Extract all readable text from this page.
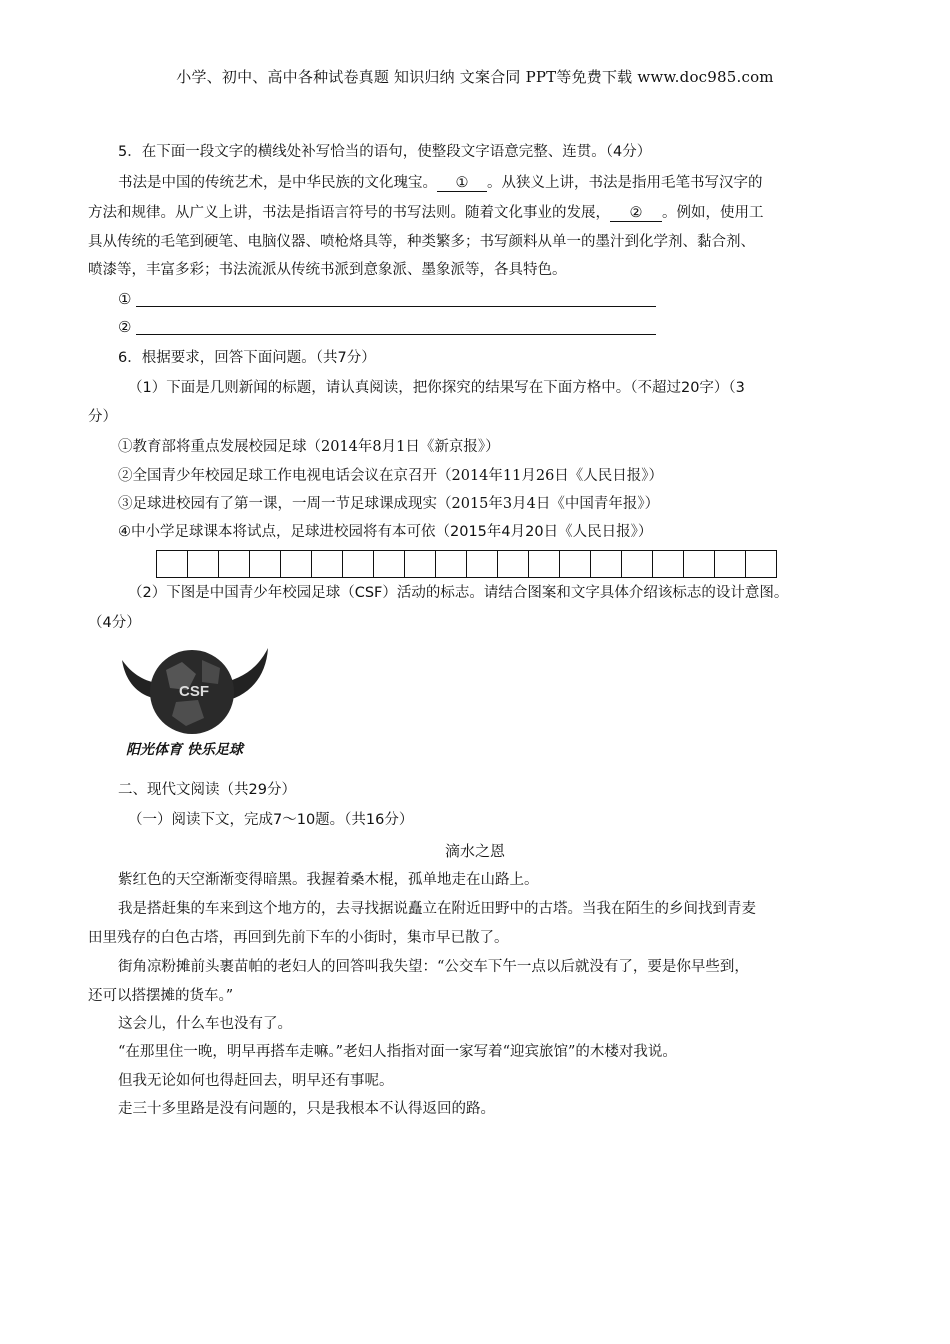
小学、初中、高中各种试卷真题 知识归纳 文案合同 PPT等免费下载 www.doc985.com
5．在下面一段文字的横线处补写恰当的语句，使整段文字语意完整、连贯。（4分）
书法是中国的传统艺术，是中华民族的文化瑰宝。 ① 。从狭义上讲，书法是指用毛笔书写汉字的
方法和规律。从广义上讲，书法是指语言符号的书写法则。随着文化事业的发展， ② 。例如，使用工
具从传统的毛笔到硬笔、电脑仪器、喷枪烙具等，种类繁多；书写颜料从单一的墨汁到化学剂、黏合剂、
喷漆等，丰富多彩；书法流派从传统书派到意象派、墨象派等，各具特色。
①
②
6．根据要求，回答下面问题。（共7分）
（1）下面是几则新闻的标题，请认真阅读，把你探究的结果写在下面方格中。（不超过20字）（3
分）
①教育部将重点发展校园足球（2014年8月1日《新京报》）
②全国青少年校园足球工作电视电话会议在京召开（2014年11月26日《人民日报》）
③足球进校园有了第一课，一周一节足球课成现实（2015年3月4日《中国青年报》）
④中小学足球课本将试点，足球进校园将有本可依（2015年4月20日《人民日报》）
（2）下图是中国青少年校园足球（CSF）活动的标志。请结合图案和文字具体介绍该标志的设计意图。
（4分）
CSF
阳光体育 快乐足球
二、现代文阅读（共29分）
（一）阅读下文，完成7～10题。（共16分）
滴水之恩
紫红色的天空渐渐变得暗黑。我握着桑木棍，孤单地走在山路上。
我是搭赶集的车来到这个地方的，去寻找据说矗立在附近田野中的古塔。当我在陌生的乡间找到青麦
田里残存的白色古塔，再回到先前下车的小街时，集市早已散了。
街角凉粉摊前头裹苗帕的老妇人的回答叫我失望：“公交车下午一点以后就没有了，要是你早些到，
还可以搭摆摊的货车。”
这会儿，什么车也没有了。
“在那里住一晚，明早再搭车走嘛。”老妇人指指对面一家写着“迎宾旅馆”的木楼对我说。
但我无论如何也得赶回去，明早还有事呢。
走三十多里路是没有问题的，只是我根本不认得返回的路。
